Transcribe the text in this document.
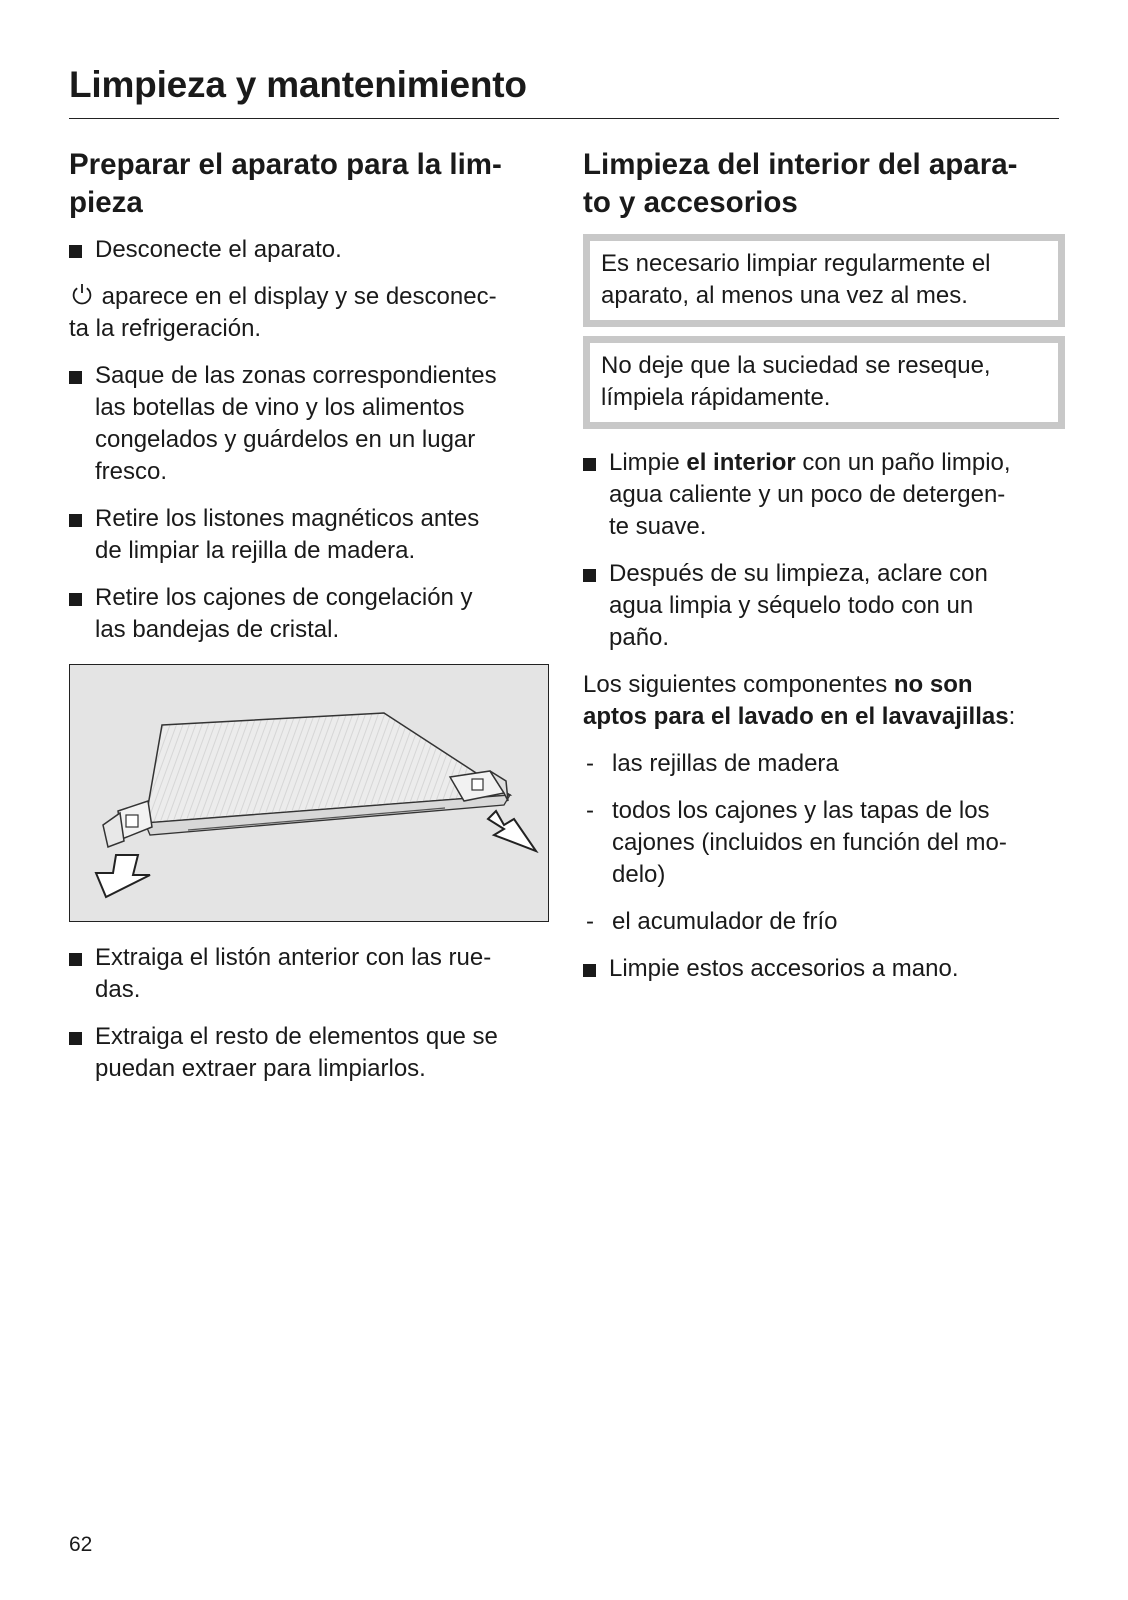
Limpieza y mantenimiento
Preparar el aparato para la lim-
pieza
Desconecte el aparato.
aparece en el display y se desconec-
ta la refrigeración.
Saque de las zonas correspondientes
las botellas de vino y los alimentos
congelados y guárdelos en un lugar
fresco.
Retire los listones magnéticos antes
de limpiar la rejilla de madera.
Retire los cajones de congelación y
las bandejas de cristal.
Extraiga el listón anterior con las rue-
das.
Extraiga el resto de elementos que se
puedan extraer para limpiarlos.
Limpieza del interior del apara-
to y accesorios
Es necesario limpiar regularmente el
aparato, al menos una vez al mes.
No deje que la suciedad se reseque,
límpiela rápidamente.
Limpie el interior con un paño limpio,
agua caliente y un poco de detergen-
te suave.
Después de su limpieza, aclare con
agua limpia y séquelo todo con un
paño.
Los siguientes componentes no son
aptos para el lavado en el lavavajillas:
- las rejillas de madera
- todos los cajones y las tapas de los
cajones (incluidos en función del mo-
delo)
- el acumulador de frío
Limpie estos accesorios a mano.
62
